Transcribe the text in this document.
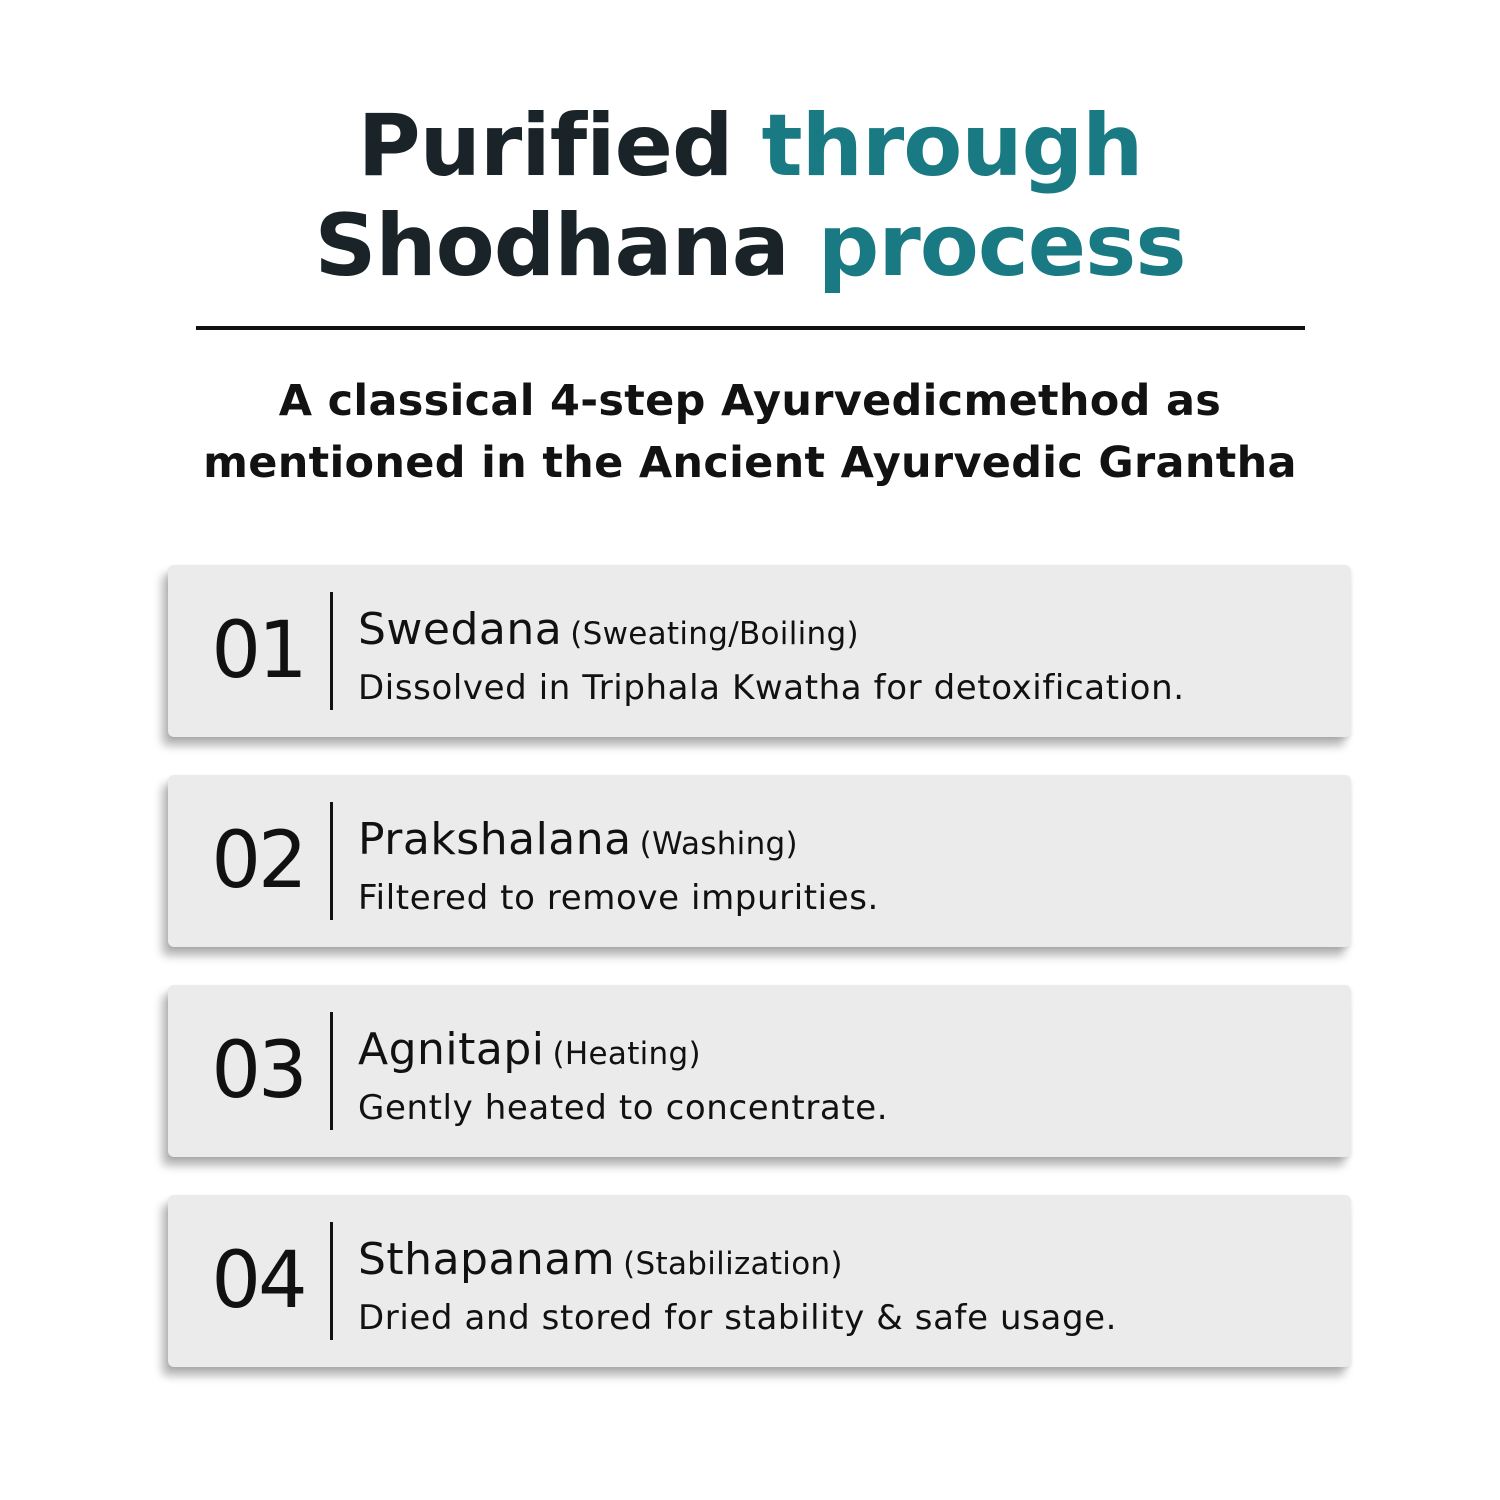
Purified through
Shodhana process

A classical 4-step Ayurvedicmethod as
mentioned in the Ancient Ayurvedic Grantha

01	Swedana (Sweating/Boiling)
Dissolved in Triphala Kwatha for detoxification.
02	Prakshalana (Washing)
Filtered to remove impurities.
03	Agnitapi (Heating)
Gently heated to concentrate.
04	Sthapanam (Stabilization)
Dried and stored for stability & safe usage.
